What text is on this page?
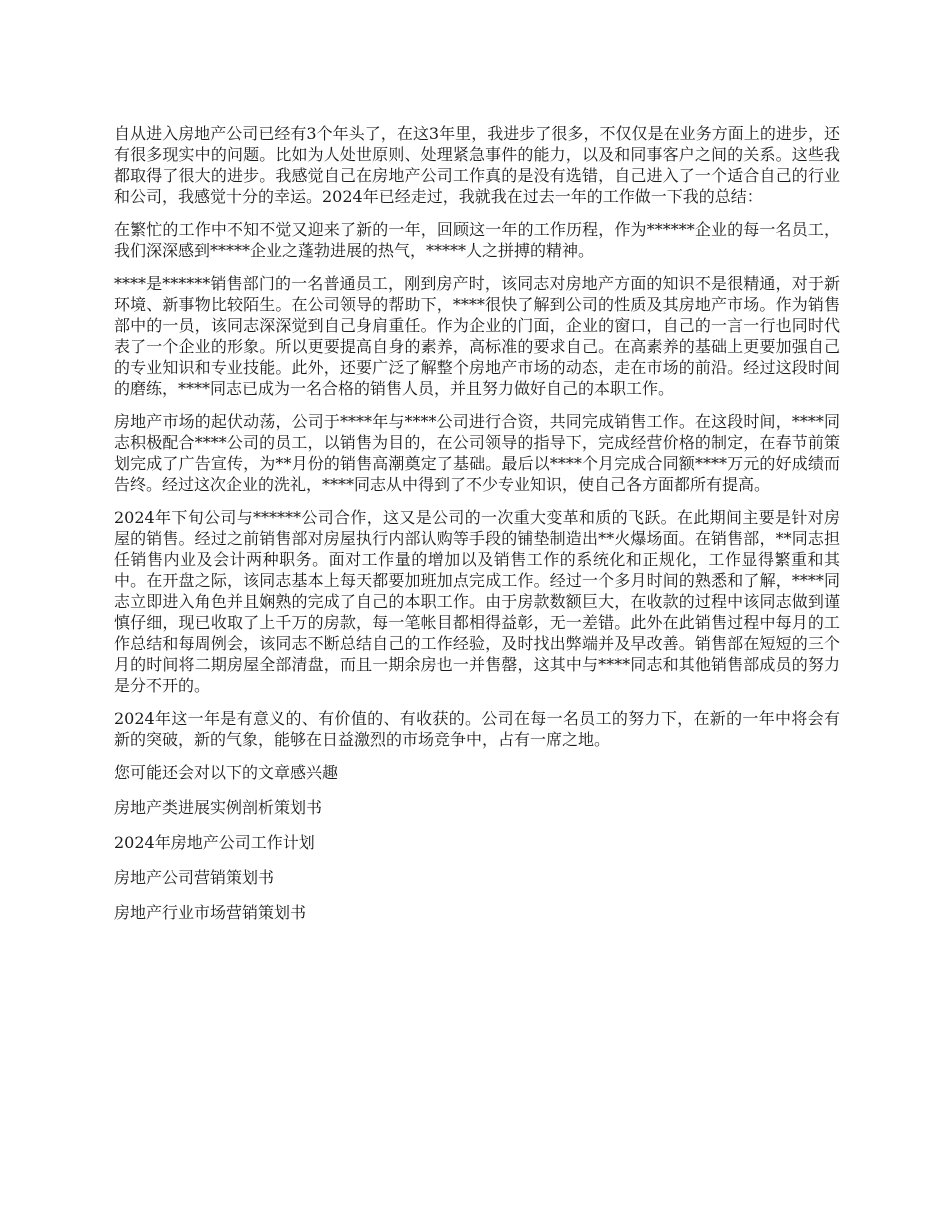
自从进入房地产公司已经有3个年头了，在这3年里，我进步了很多，不仅仅是在业务方面上的进步，还有很多现实中的问题。比如为人处世原则、处理紧急事件的能力，以及和同事客户之间的关系。这些我都取得了很大的进步。我感觉自己在房地产公司工作真的是没有选错，自己进入了一个适合自己的行业和公司，我感觉十分的幸运。2024年已经走过，我就我在过去一年的工作做一下我的总结：

在繁忙的工作中不知不觉又迎来了新的一年，回顾这一年的工作历程，作为******企业的每一名员工，我们深深感到*****企业之蓬勃进展的热气，*****人之拼搏的精神。

****是******销售部门的一名普通员工，刚到房产时，该同志对房地产方面的知识不是很精通，对于新环境、新事物比较陌生。在公司领导的帮助下，****很快了解到公司的性质及其房地产市场。作为销售部中的一员，该同志深深觉到自己身肩重任。作为企业的门面，企业的窗口，自己的一言一行也同时代表了一个企业的形象。所以更要提高自身的素养，高标准的要求自己。在高素养的基础上更要加强自己的专业知识和专业技能。此外，还要广泛了解整个房地产市场的动态，走在市场的前沿。经过这段时间的磨练，****同志已成为一名合格的销售人员，并且努力做好自己的本职工作。

房地产市场的起伏动荡，公司于****年与****公司进行合资，共同完成销售工作。在这段时间，****同志积极配合****公司的员工，以销售为目的，在公司领导的指导下，完成经营价格的制定，在春节前策划完成了广告宣传，为**月份的销售高潮奠定了基础。最后以****个月完成合同额****万元的好成绩而告终。经过这次企业的洗礼，****同志从中得到了不少专业知识，使自己各方面都所有提高。

2024年下旬公司与******公司合作，这又是公司的一次重大变革和质的飞跃。在此期间主要是针对房屋的销售。经过之前销售部对房屋执行内部认购等手段的铺垫制造出**火爆场面。在销售部，**同志担任销售内业及会计两种职务。面对工作量的增加以及销售工作的系统化和正规化，工作显得繁重和其中。在开盘之际，该同志基本上每天都要加班加点完成工作。经过一个多月时间的熟悉和了解，****同志立即进入角色并且娴熟的完成了自己的本职工作。由于房款数额巨大，在收款的过程中该同志做到谨慎仔细，现已收取了上千万的房款，每一笔帐目都相得益彰，无一差错。此外在此销售过程中每月的工作总结和每周例会，该同志不断总结自己的工作经验，及时找出弊端并及早改善。销售部在短短的三个月的时间将二期房屋全部清盘，而且一期余房也一并售罄，这其中与****同志和其他销售部成员的努力是分不开的。

2024年这一年是有意义的、有价值的、有收获的。公司在每一名员工的努力下，在新的一年中将会有新的突破，新的气象，能够在日益激烈的市场竞争中，占有一席之地。

您可能还会对以下的文章感兴趣

房地产类进展实例剖析策划书
2024年房地产公司工作计划
房地产公司营销策划书
房地产行业市场营销策划书
